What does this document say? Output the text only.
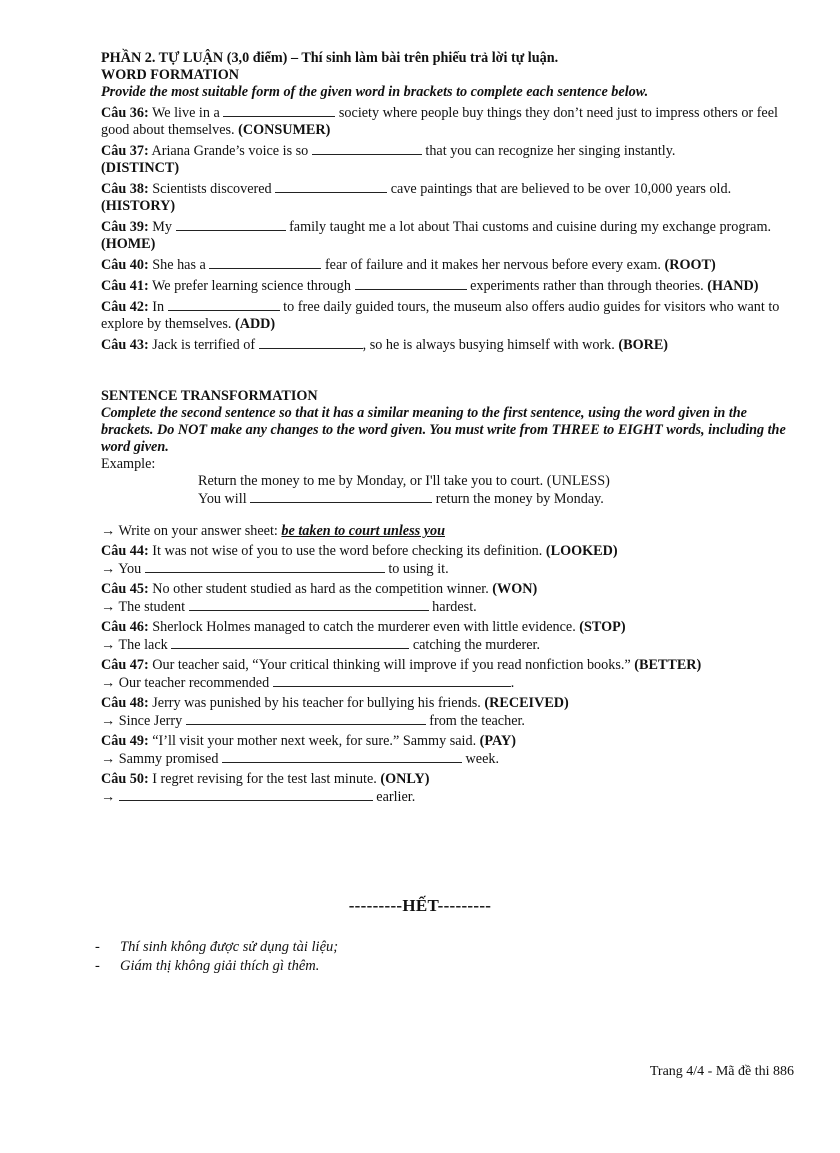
PHẦN 2. TỰ LUẬN (3,0 điểm) – Thí sinh làm bài trên phiếu trả lời tự luận.

WORD FORMATION

Provide the most suitable form of the given word in brackets to complete each sentence below.

Câu 36: We live in a	society where people buy things they don’t need just to impress others or feel good about themselves. (CONSUMER)

Câu 37: Ariana Grande’s voice is so	that you can recognize her singing instantly.
(DISTINCT)

Câu 38: Scientists discovered	cave paintings that are believed to be over 10,000 years old.
(HISTORY)

Câu 39: My	family taught me a lot about Thai customs and cuisine during my exchange program. (HOME)

Câu 40: She has a	fear of failure and it makes her nervous before every exam. (ROOT)

Câu 41: We prefer learning science through	experiments rather than through theories. (HAND)

Câu 42: In	to free daily guided tours, the museum also offers audio guides for visitors who want to explore by themselves. (ADD)

Câu 43: Jack is terrified of	, so he is always busying himself with work. (BORE)

SENTENCE TRANSFORMATION

Complete the second sentence so that it has a similar meaning to the first sentence, using the word given in the brackets. Do NOT make any changes to the word given. You must write from THREE to EIGHT words, including the word given.

Example:

Return the money to me by Monday, or I'll take you to court. (UNLESS)

You will	return the money by Monday.

→ Write on your answer sheet: be taken to court unless you

Câu 44: It was not wise of you to use the word before checking its definition. (LOOKED)
→ You	to using it.

Câu 45: No other student studied as hard as the competition winner. (WON)
→ The student	hardest.

Câu 46: Sherlock Holmes managed to catch the murderer even with little evidence. (STOP)
→ The lack	catching the murderer.

Câu 47: Our teacher said, “Your critical thinking will improve if you read nonfiction books.” (BETTER)
→ Our teacher recommended	.

Câu 48: Jerry was punished by his teacher for bullying his friends. (RECEIVED)
→ Since Jerry	from the teacher.

Câu 49: “I’ll visit your mother next week, for sure.” Sammy said. (PAY)
→ Sammy promised	week.

Câu 50: I regret revising for the test last minute. (ONLY)
→	earlier.

---------HẾT---------
- Thí sinh không được sử dụng tài liệu;
- Giám thị không giải thích gì thêm.
Trang 4/4 - Mã đề thi 886
